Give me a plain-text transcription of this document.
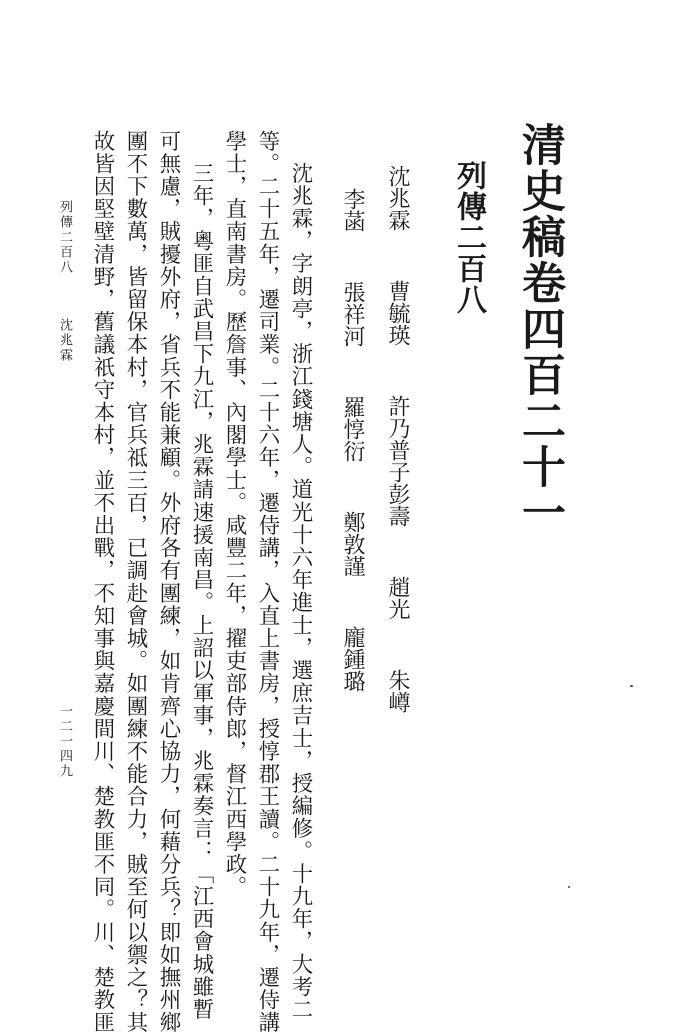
清史稿卷四百二十一
列傳二百八
沈兆霖 曹毓瑛 許乃普子彭壽 趙光 朱嶟
李菡 張祥河 羅惇衍 鄭敦謹 龐鍾璐
沈兆霖，字朗亭，浙江錢塘人。道光十六年進士，選庶吉士，授編修。十九年，大考二
等。二十五年，遷司業。二十六年，遷侍講，入直上書房，授惇郡王讀。二十九年，遷侍講
學士，直南書房。歷詹事、內閣學士。咸豐二年，擢吏部侍郎，督江西學政。
三年，粵匪自武昌下九江，兆霖請速援南昌。上詔以軍事，兆霖奏言：「江西會城雖暫
可無慮，賊擾外府，省兵不能兼顧。外府各有團練，如肯齊心協力，何藉分兵？即如撫州鄉
團不下數萬，皆留保本村，官兵祗三百，已調赴會城。如團練不能合力，賊至何以禦之？其
故皆因堅壁清野，舊議祇守本村，並不出戰，不知事與嘉慶間川、楚教匪不同。川、楚教匪
列傳二百八
沈兆霖
一二一四九
